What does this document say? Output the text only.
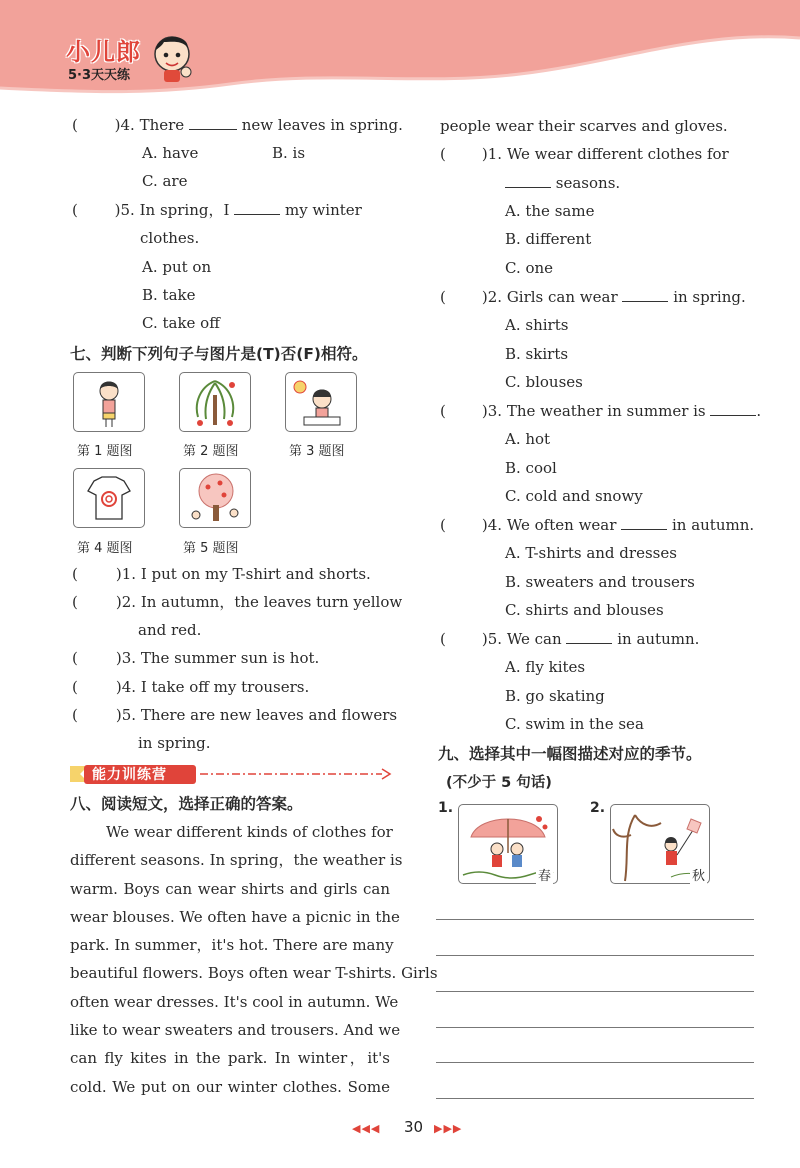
小儿郎
5·3天天练
( )4. There	new leaves in spring.
A. have	B. is
C. are
( )5. In spring，I	my winter
clothes.
A. put on
B. take
C. take off
七、判断下列句子与图片是(T)否(F)相符。
第 1 题图	第 2 题图	第 3 题图
第 4 题图	第 5 题图
(	)1. I put on my T-shirt and shorts.
(	)2. In autumn，the leaves turn yellow
and red.
(	)3. The summer sun is hot.
(	)4. I take off my trousers.
(	)5. There are new leaves and flowers
in spring.
能力训练营
八、阅读短文，选择正确的答案。
We wear different kinds of clothes for
different seasons. In spring，the weather is
warm. Boys can wear shirts and girls can
wear blouses. We often have a picnic in the
park. In summer，it's hot. There are many
beautiful flowers. Boys often wear T-shirts. Girls
often wear dresses. It's cool in autumn. We
like to wear sweaters and trousers. And we
can fly kites in the park. In winter，it's
cold. We put on our winter clothes. Some
people wear their scarves and gloves.
( )1. We wear different clothes for
seasons.
A. the same
B. different
C. one
( )2. Girls can wear	in spring.
A. shirts
B. skirts
C. blouses
( )3. The weather in summer is	.
A. hot
B. cool
C. cold and snowy
( )4. We often wear	in autumn.
A. T-shirts and dresses
B. sweaters and trousers
C. shirts and blouses
( )5. We can	in autumn.
A. fly kites
B. go skating
C. swim in the sea
九、选择其中一幅图描述对应的季节。
(不少于 5 句话)
1.
春
2.
秋
◀◀◀ 30 ▶▶▶
